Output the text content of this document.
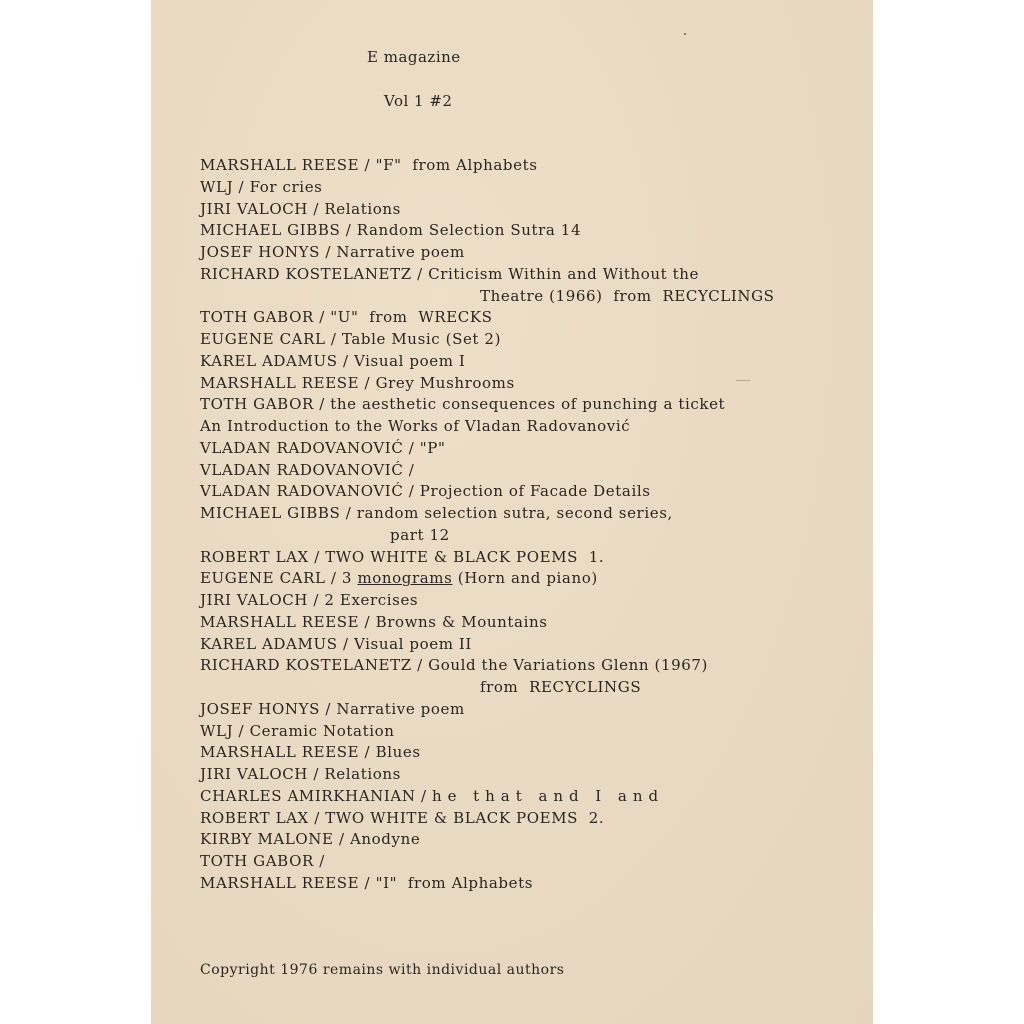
E magazine
Vol 1 #2
MARSHALL REESE / "F"  from Alphabets
WLJ / For cries
JIRI VALOCH / Relations
MICHAEL GIBBS / Random Selection Sutra 14
JOSEF HONYS / Narrative poem
RICHARD KOSTELANETZ / Criticism Within and Without the
Theatre (1966)  from  RECYCLINGS
TOTH GABOR / "U"  from  WRECKS
EUGENE CARL / Table Music (Set 2)
KAREL ADAMUS / Visual poem I
MARSHALL REESE / Grey Mushrooms
TOTH GABOR / the aesthetic consequences of punching a ticket
An Introduction to the Works of Vladan Radovanović
VLADAN RADOVANOVIĆ / "P"
VLADAN RADOVANOVIĆ /
VLADAN RADOVANOVIĆ / Projection of Facade Details
MICHAEL GIBBS / random selection sutra, second series,
part 12
ROBERT LAX / TWO WHITE & BLACK POEMS  1.
EUGENE CARL / 3 monograms (Horn and piano)
JIRI VALOCH / 2 Exercises
MARSHALL REESE / Browns & Mountains
KAREL ADAMUS / Visual poem II
RICHARD KOSTELANETZ / Gould the Variations Glenn (1967)
from  RECYCLINGS
JOSEF HONYS / Narrative poem
WLJ / Ceramic Notation
MARSHALL REESE / Blues
JIRI VALOCH / Relations
CHARLES AMIRKHANIAN / h e   t h a t   a n d   I   a n d
ROBERT LAX / TWO WHITE & BLACK POEMS  2.
KIRBY MALONE / Anodyne
TOTH GABOR /
MARSHALL REESE / "I"  from Alphabets
Copyright 1976 remains with individual authors
